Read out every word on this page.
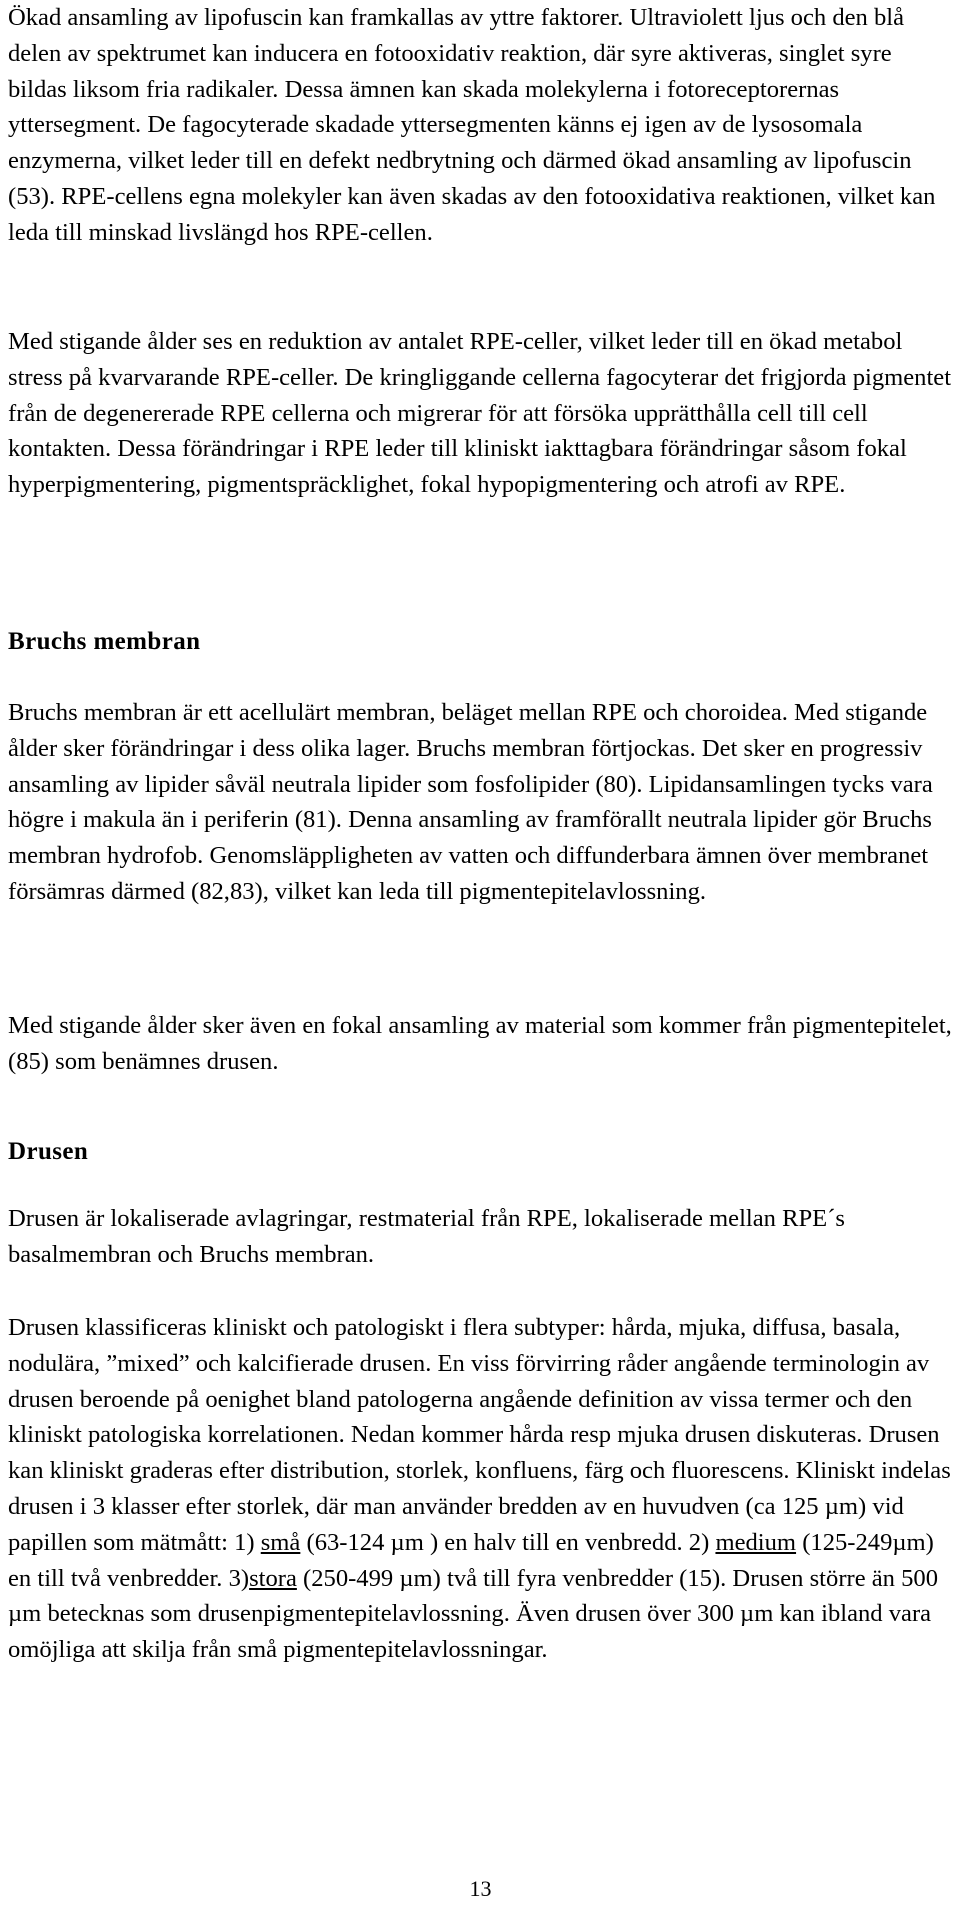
Ökad ansamling av lipofuscin kan framkallas av yttre faktorer. Ultraviolett ljus och den blå delen av spektrumet kan inducera en fotooxidativ reaktion, där syre aktiveras, singlet syre bildas liksom fria radikaler. Dessa ämnen kan skada molekylerna i fotoreceptorernas yttersegment. De fagocyterade skadade yttersegmenten känns ej igen av de lysosomala enzymerna, vilket leder till en defekt nedbrytning och därmed ökad ansamling av lipofuscin (53). RPE-cellens egna molekyler kan även skadas av den fotooxidativa reaktionen, vilket kan leda till minskad livslängd hos RPE-cellen.

Med stigande ålder ses en reduktion av antalet RPE-celler, vilket leder till en ökad metabol stress på kvarvarande RPE-celler. De kringliggande cellerna fagocyterar det frigjorda pigmentet från de degenererade RPE cellerna och migrerar för att försöka upprätthålla cell till cell kontakten. Dessa förändringar i RPE leder till kliniskt iakttagbara förändringar såsom fokal hyperpigmentering, pigmentspräcklighet, fokal hypopigmentering och atrofi av RPE.

Bruchs membran

Bruchs membran är ett acellulärt membran, beläget mellan RPE och choroidea. Med stigande ålder sker förändringar i dess olika lager. Bruchs membran förtjockas. Det sker en progressiv ansamling av lipider såväl neutrala lipider som fosfolipider (80). Lipidansamlingen tycks vara högre i makula än i periferin (81). Denna ansamling av framförallt neutrala lipider gör Bruchs membran hydrofob. Genomsläppligheten av vatten och diffunderbara ämnen över membranet försämras därmed (82,83), vilket kan leda till pigmentepitelavlossning.

Med stigande ålder sker även en fokal ansamling av material som kommer från pigmentepitelet, (85) som benämnes drusen.

Drusen

Drusen är lokaliserade avlagringar, restmaterial från RPE, lokaliserade mellan RPE´s basalmembran och Bruchs membran.

Drusen klassificeras kliniskt och patologiskt i flera subtyper: hårda, mjuka, diffusa, basala, nodulära, ”mixed” och kalcifierade drusen. En viss förvirring råder angående terminologin av drusen beroende på oenighet bland patologerna angående definition av vissa termer och den kliniskt patologiska korrelationen. Nedan kommer hårda resp mjuka drusen diskuteras. Drusen kan kliniskt graderas efter distribution, storlek, konfluens, färg och fluorescens. Kliniskt indelas drusen i 3 klasser efter storlek, där man använder bredden av en huvudven (ca 125 µm) vid papillen som mätmått: 1) små (63-124 µm ) en halv till en venbredd. 2) medium (125-249µm) en till två venbredder. 3)stora (250-499 µm) två till fyra venbredder (15). Drusen större än 500 µm betecknas som drusenpigmentepitelavlossning. Även drusen över 300 µm kan ibland vara omöjliga att skilja från små pigmentepitelavlossningar.

13
